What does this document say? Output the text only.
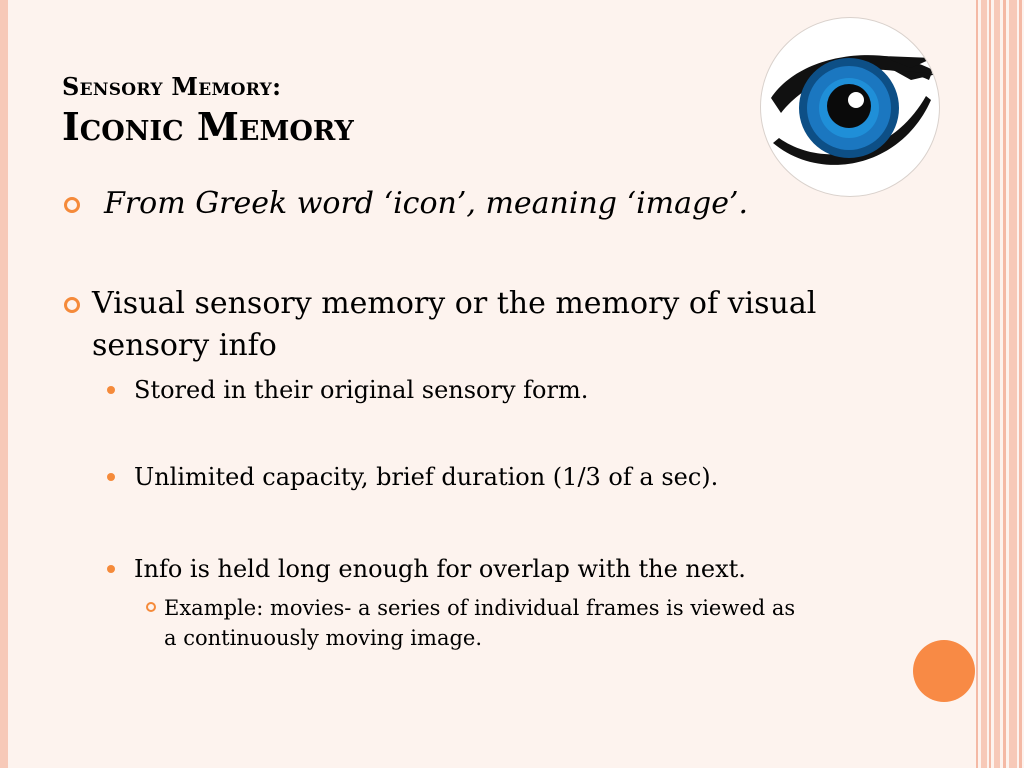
Sensory Memory:
Iconic Memory
From Greek word ‘icon’, meaning ‘image’.
Visual sensory memory or the memory of visual
sensory info
Stored in their original sensory form.
Unlimited capacity, brief duration (1/3 of a sec).
Info is held long enough for overlap with the next.
Example: movies- a series of individual frames is viewed as
a continuously moving image.
